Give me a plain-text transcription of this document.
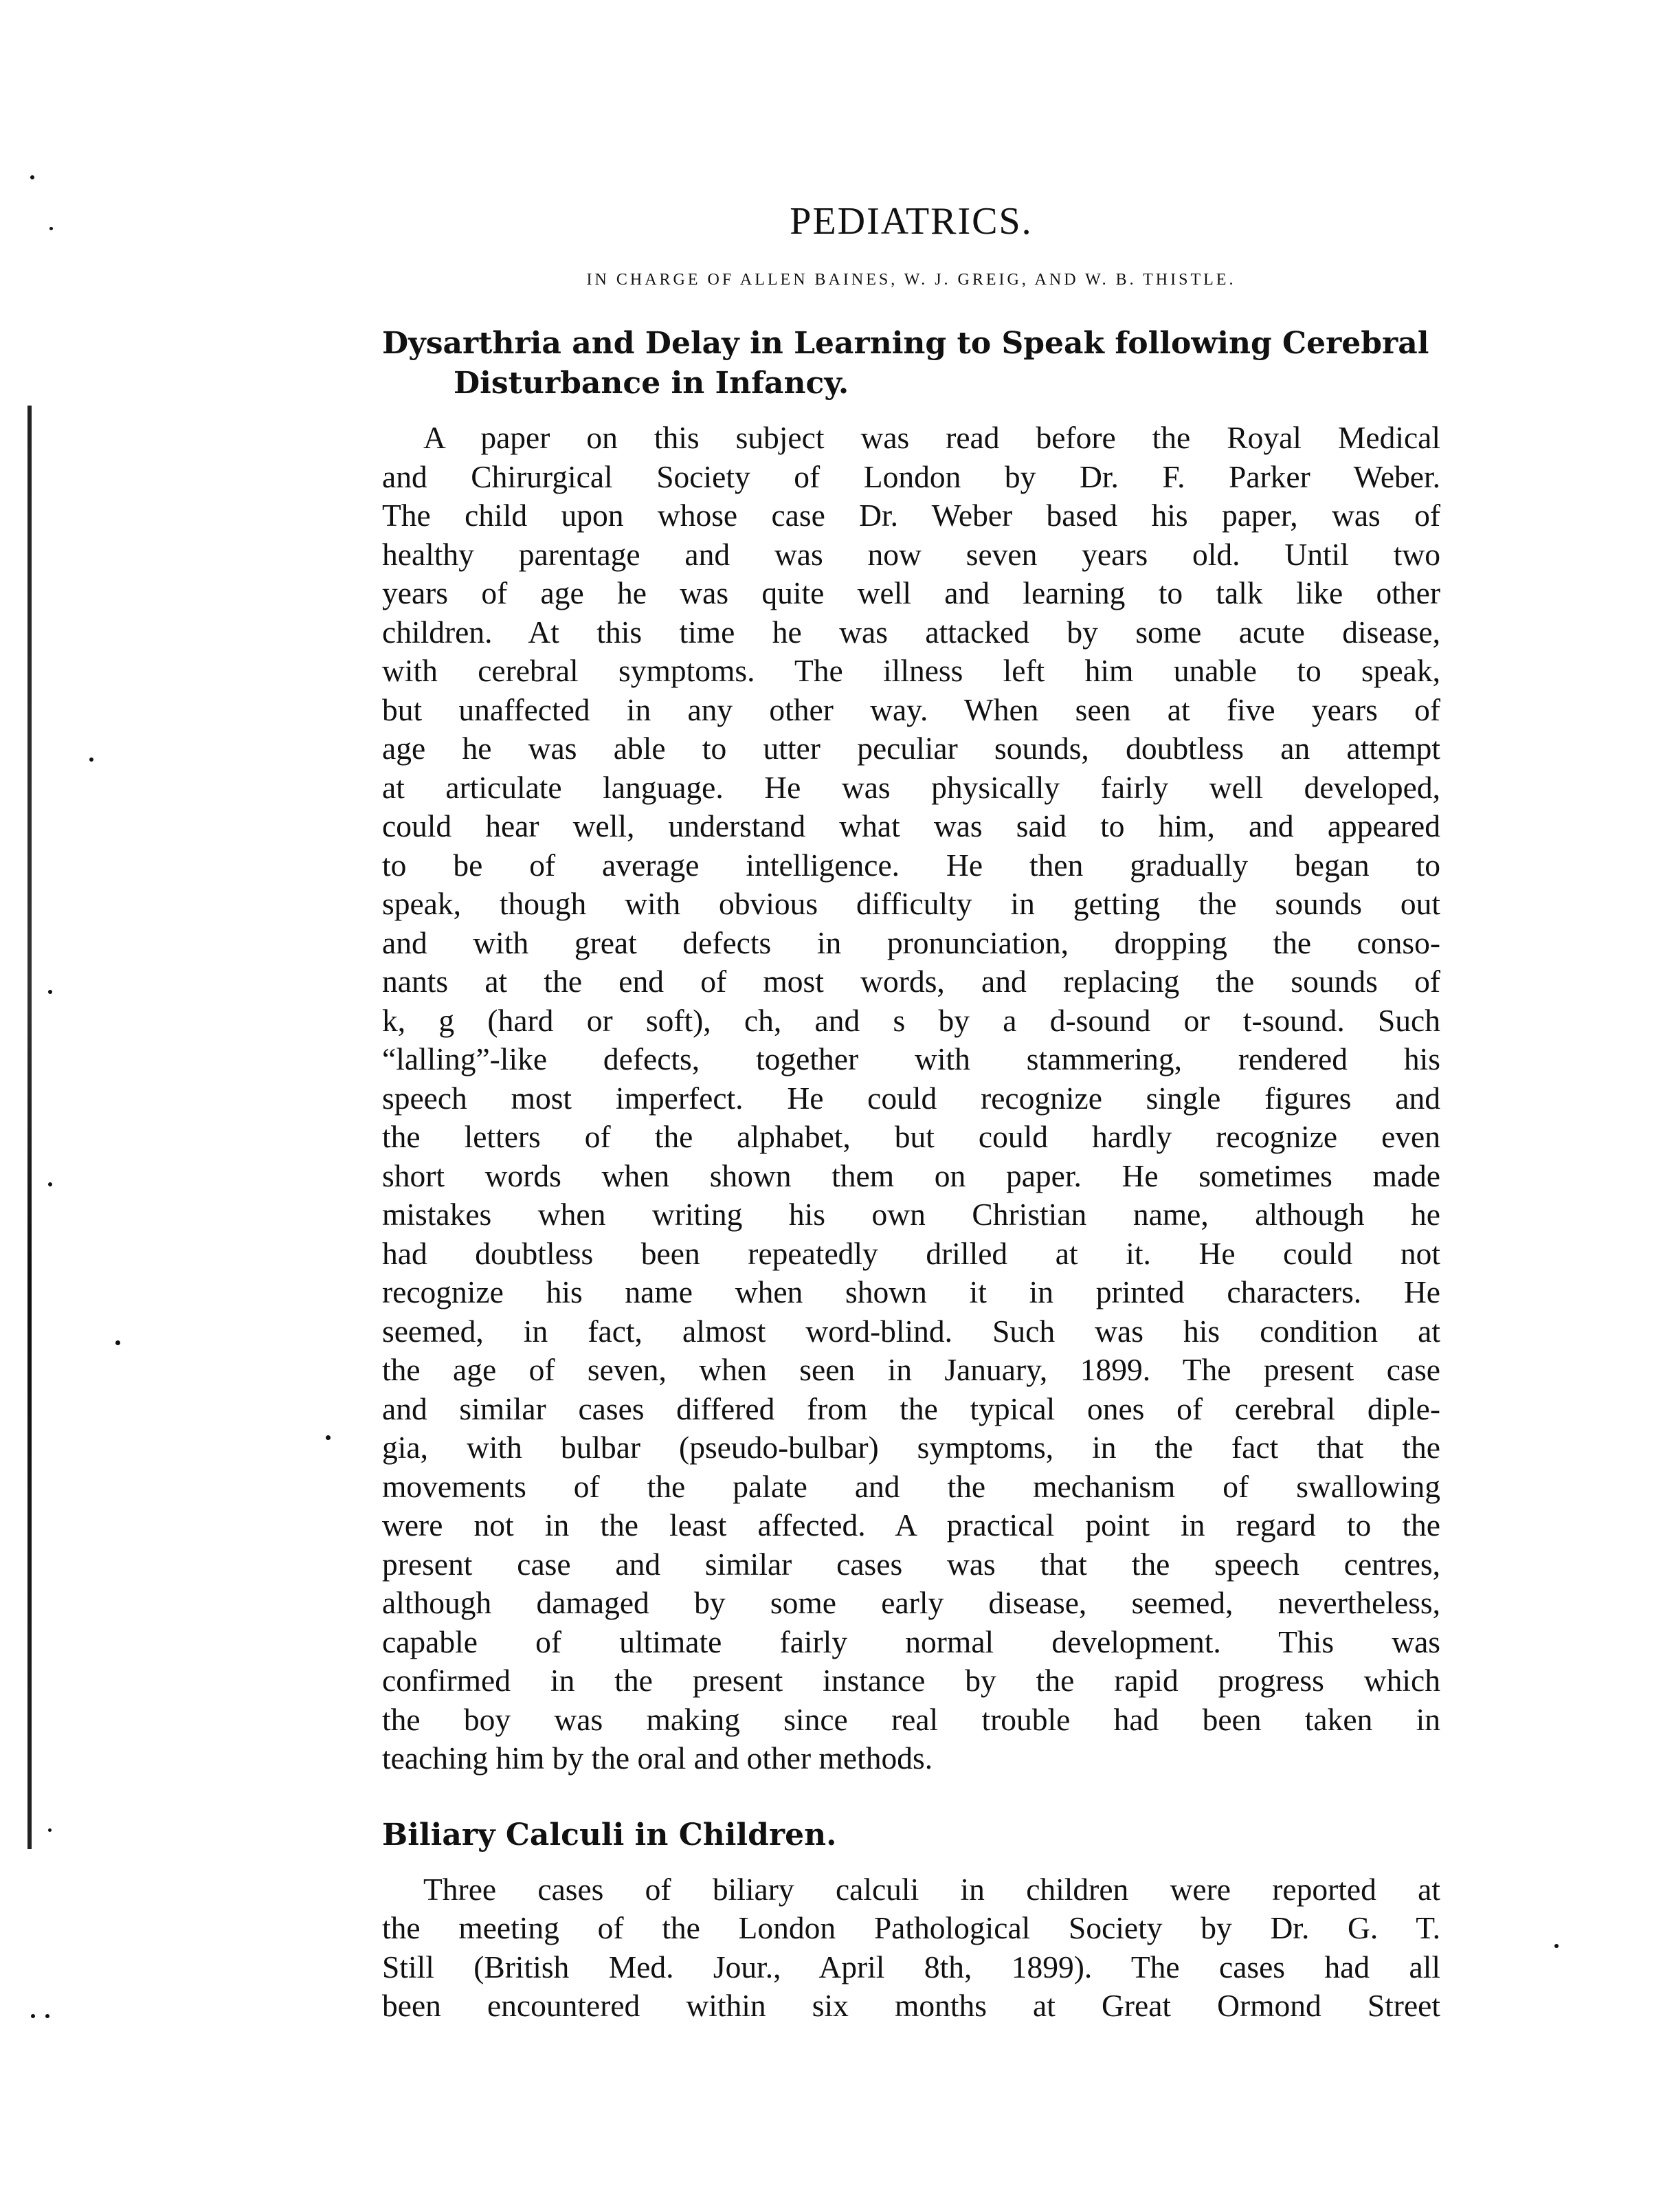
PEDIATRICS.
IN CHARGE OF ALLEN BAINES, W. J. GREIG, AND W. B. THISTLE.
Dysarthria and Delay in Learning to Speak following Cerebral
Disturbance in Infancy.

A paper on this subject was read before the Royal Medical
and Chirurgical Society of London by Dr. F. Parker Weber.
The child upon whose case Dr. Weber based his paper, was of
healthy parentage and was now seven years old. Until two
years of age he was quite well and learning to talk like other
children. At this time he was attacked by some acute disease,
with cerebral symptoms. The illness left him unable to speak,
but unaffected in any other way. When seen at five years of
age he was able to utter peculiar sounds, doubtless an attempt
at articulate language. He was physically fairly well developed,
could hear well, understand what was said to him, and appeared
to be of average intelligence. He then gradually began to
speak, though with obvious difficulty in getting the sounds out
and with great defects in pronunciation, dropping the conso-
nants at the end of most words, and replacing the sounds of
k, g (hard or soft), ch, and s by a d-sound or t-sound. Such
“lalling”-like defects, together with stammering, rendered his
speech most imperfect. He could recognize single figures and
the letters of the alphabet, but could hardly recognize even
short words when shown them on paper. He sometimes made
mistakes when writing his own Christian name, although he
had doubtless been repeatedly drilled at it. He could not
recognize his name when shown it in printed characters. He
seemed, in fact, almost word-blind. Such was his condition at
the age of seven, when seen in January, 1899. The present case
and similar cases differed from the typical ones of cerebral diple-
gia, with bulbar (pseudo-bulbar) symptoms, in the fact that the
movements of the palate and the mechanism of swallowing
were not in the least affected. A practical point in regard to the
present case and similar cases was that the speech centres,
although damaged by some early disease, seemed, nevertheless,
capable of ultimate fairly normal development. This was
confirmed in the present instance by the rapid progress which
the boy was making since real trouble had been taken in
teaching him by the oral and other methods.

Biliary Calculi in Children.

Three cases of biliary calculi in children were reported at
the meeting of the London Pathological Society by Dr. G. T.
Still (British Med. Jour., April 8th, 1899). The cases had all
been encountered within six months at Great Ormond Street
